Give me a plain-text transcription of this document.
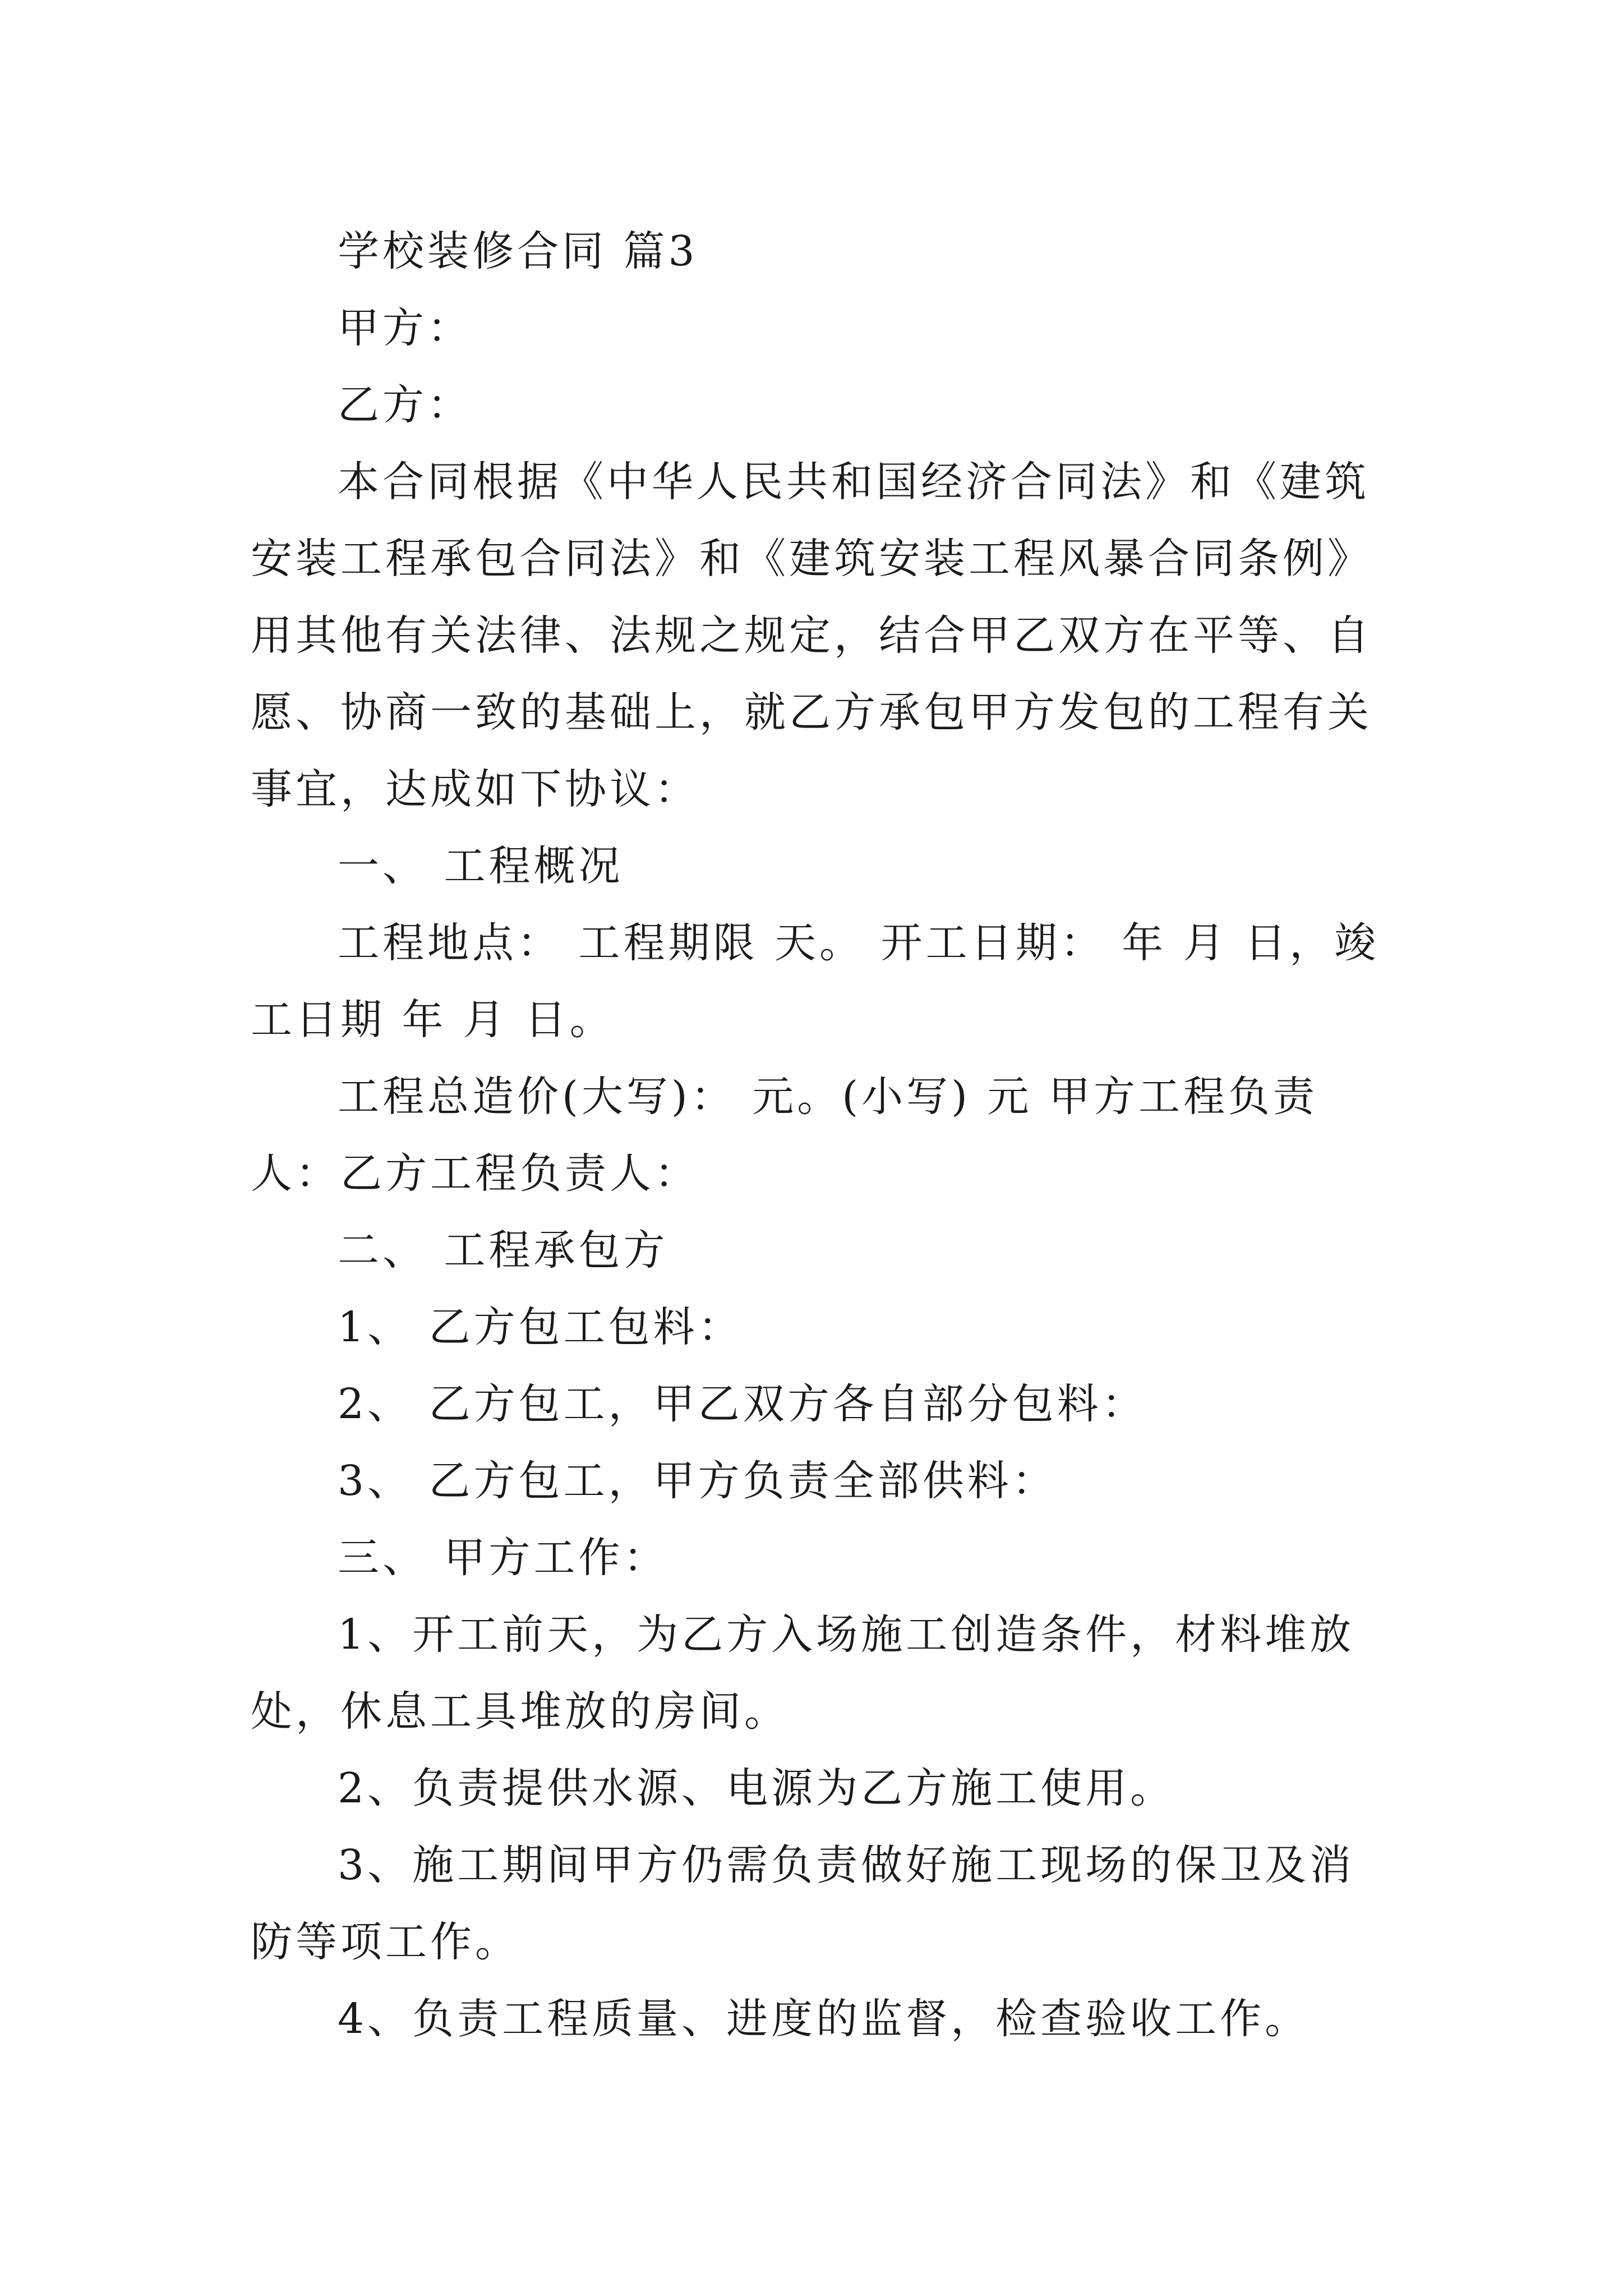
学校装修合同 篇3

甲方：

乙方：

本合同根据《中华人民共和国经济合同法》和《建筑安装工程承包合同法》和《建筑安装工程风暴合同条例》用其他有关法律、法规之规定，结合甲乙双方在平等、自愿、协商一致的基础上，就乙方承包甲方发包的工程有关事宜，达成如下协议：

一、 工程概况

工程地点： 工程期限 天。 开工日期： 年 月 日，竣工日期 年 月 日。

工程总造价(大写)： 元。(小写) 元 甲方工程负责人：乙方工程负责人：

二、 工程承包方

1、 乙方包工包料：

2、 乙方包工，甲乙双方各自部分包料：

3、 乙方包工，甲方负责全部供料：

三、 甲方工作：

1、开工前天，为乙方入场施工创造条件，材料堆放处，休息工具堆放的房间。

2、负责提供水源、电源为乙方施工使用。

3、施工期间甲方仍需负责做好施工现场的保卫及消防等项工作。

4、负责工程质量、进度的监督，检查验收工作。
